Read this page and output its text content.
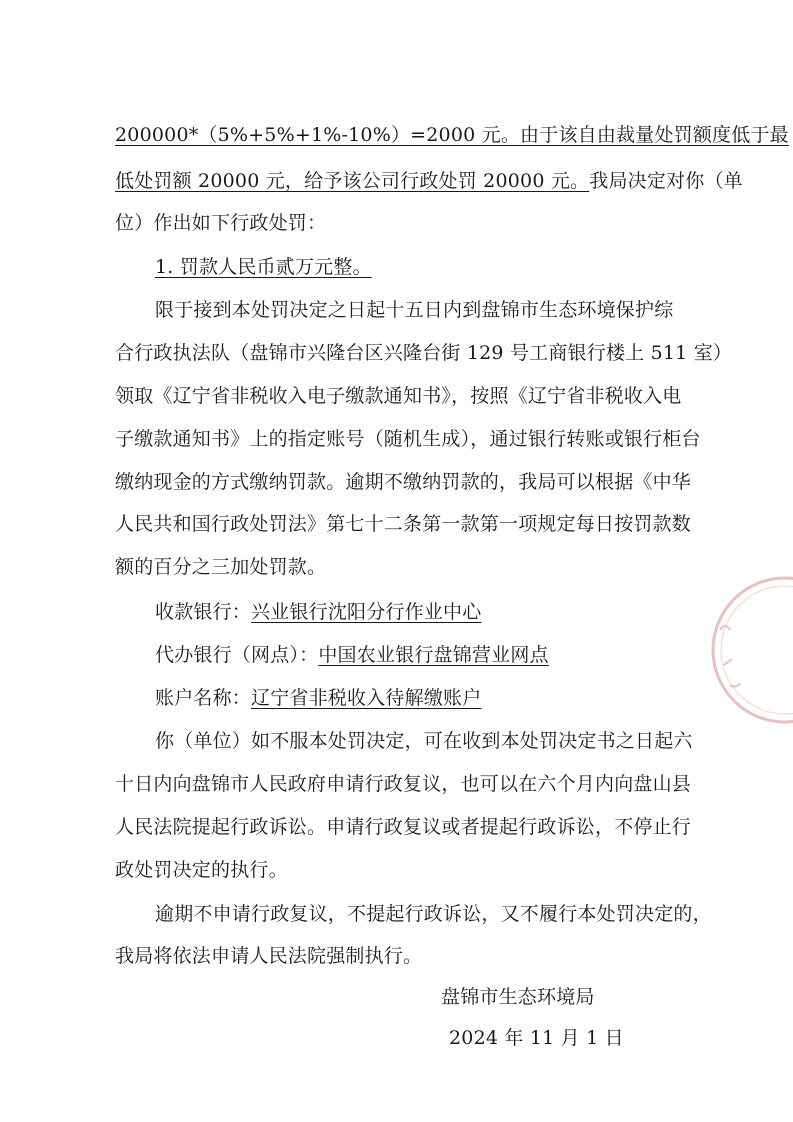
200000*（5%+5%+1%-10%）=2000 元。由于该自由裁量处罚额度低于最
低处罚额 20000 元，给予该公司行政处罚 20000 元。我局决定对你（单
位）作出如下行政处罚：
1. 罚款人民币贰万元整。
限于接到本处罚决定之日起十五日内到盘锦市生态环境保护综
合行政执法队（盘锦市兴隆台区兴隆台街 129 号工商银行楼上 511 室）
领取《辽宁省非税收入电子缴款通知书》，按照《辽宁省非税收入电
子缴款通知书》上的指定账号（随机生成），通过银行转账或银行柜台
缴纳现金的方式缴纳罚款。逾期不缴纳罚款的，我局可以根据《中华
人民共和国行政处罚法》第七十二条第一款第一项规定每日按罚款数
额的百分之三加处罚款。
收款银行：兴业银行沈阳分行作业中心
代办银行（网点）：中国农业银行盘锦营业网点
账户名称：辽宁省非税收入待解缴账户
你（单位）如不服本处罚决定，可在收到本处罚决定书之日起六
十日内向盘锦市人民政府申请行政复议，也可以在六个月内向盘山县
人民法院提起行政诉讼。申请行政复议或者提起行政诉讼，不停止行
政处罚决定的执行。
逾期不申请行政复议，不提起行政诉讼，又不履行本处罚决定的，
我局将依法申请人民法院强制执行。
盘锦市生态环境局
2024 年 11 月 1 日
